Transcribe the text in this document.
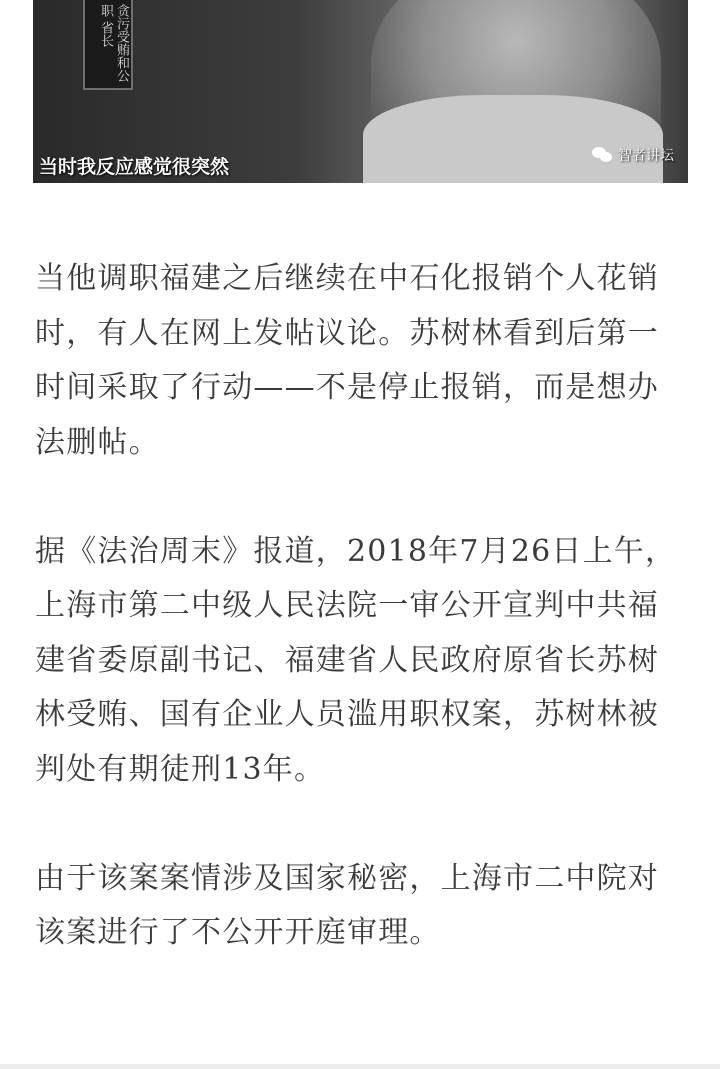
贪污受贿和公职 省长
当时我反应感觉很突然	智者讲坛

当他调职福建之后继续在中石化报销个人花销时，有人在网上发帖议论。苏树林看到后第一时间采取了行动——不是停止报销，而是想办法删帖。

据《法治周末》报道，2018年7月26日上午，上海市第二中级人民法院一审公开宣判中共福建省委原副书记、福建省人民政府原省长苏树林受贿、国有企业人员滥用职权案，苏树林被判处有期徒刑13年。

由于该案案情涉及国家秘密，上海市二中院对该案进行了不公开开庭审理。
